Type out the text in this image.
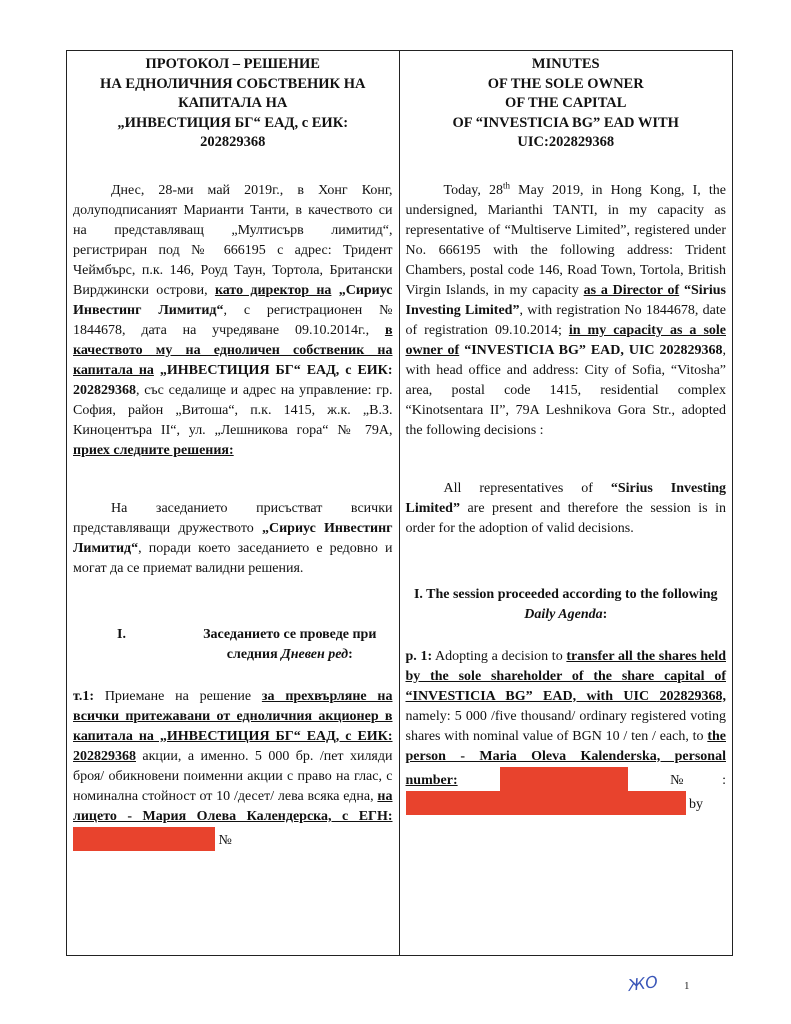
ПРОТОКОЛ – РЕШЕНИЕ
НА ЕДНОЛИЧНИЯ СОБСТВЕНИК НА
КАПИТАЛА НА
„ИНВЕСТИЦИЯ БГ“ ЕАД, с ЕИК:
202829368
Днес, 28-ми май 2019г., в Хонг Конг, долуподписаният Марианти Танти, в качеството си на представляващ „Мултисърв лимитид“, регистриран под № 666195 с адрес: Тридент Чеймбърс, п.к. 146, Роуд Таун, Тортола, Британски Вирджински острови, като директор на „Сириус Инвестинг Лимитид“, с регистрационен № 1844678, дата на учредяване 09.10.2014г., в качеството му на едноличен собственик на капитала на „ИНВЕСТИЦИЯ БГ“ ЕАД, с ЕИК: 202829368, със седалище и адрес на управление: гр. София, район „Витоша“, п.к. 1415, ж.к. „В.З. Киноцентъра II“, ул. „Лешникова гора“ № 79А, приех следните решения:
На заседанието присъстват всички представляващи дружеството „Сириус Инвестинг Лимитид“, поради което заседанието е редовно и могат да се приемат валидни решения.
I.	Заседанието се проведе при следния Дневен ред:
т.1: Приемане на решение за прехвърляне на всички притежавани от едноличния акционер в капитала на „ИНВЕСТИЦИЯ БГ“ ЕАД, с ЕИК: 202829368 акции, а именно. 5 000 бр. /пет хиляди броя/ обикновени поименни акции с право на глас, с номинална стойност от 10 /десет/ лева всяка една, на лицето - Мария Олева Календерска, с ЕГН:  №
MINUTES
OF THE SOLE OWNER
OF THE CAPITAL
OF “INVESTICIA BG” EAD WITH
UIC:202829368
Today, 28th May 2019, in Hong Kong, I, the undersigned, Marianthi TANTI, in my capacity as representative of “Multiserve Limited”, registered under No. 666195 with the following address: Trident Chambers, postal code 146, Road Town, Tortola, British Virgin Islands, in my capacity as a Director of “Sirius Investing Limited”, with registration No 1844678, date of registration 09.10.2014; in my capacity as a sole owner of “INVESTICIA BG” EAD, UIC 202829368, with head office and address: City of Sofia, “Vitosha” area, postal code 1415, residential complex “Kinotsentara II”, 79A Leshnikova Gora Str., adopted the following decisions :
All representatives of “Sirius Investing Limited” are present and therefore the session is in order for the adoption of valid decisions.
I. The session proceeded according to the following Daily Agenda:
p. 1: Adopting a decision to transfer all the shares held by the sole shareholder of the share capital of “INVESTICIA BG” EAD, with UIC 202829368, namely: 5 000 /five thousand/ ordinary registered voting shares with nominal value of BGN 10 / ten / each, to the person - Maria Oleva Kalenderska, personal number:	№:  by
ЖО 1
